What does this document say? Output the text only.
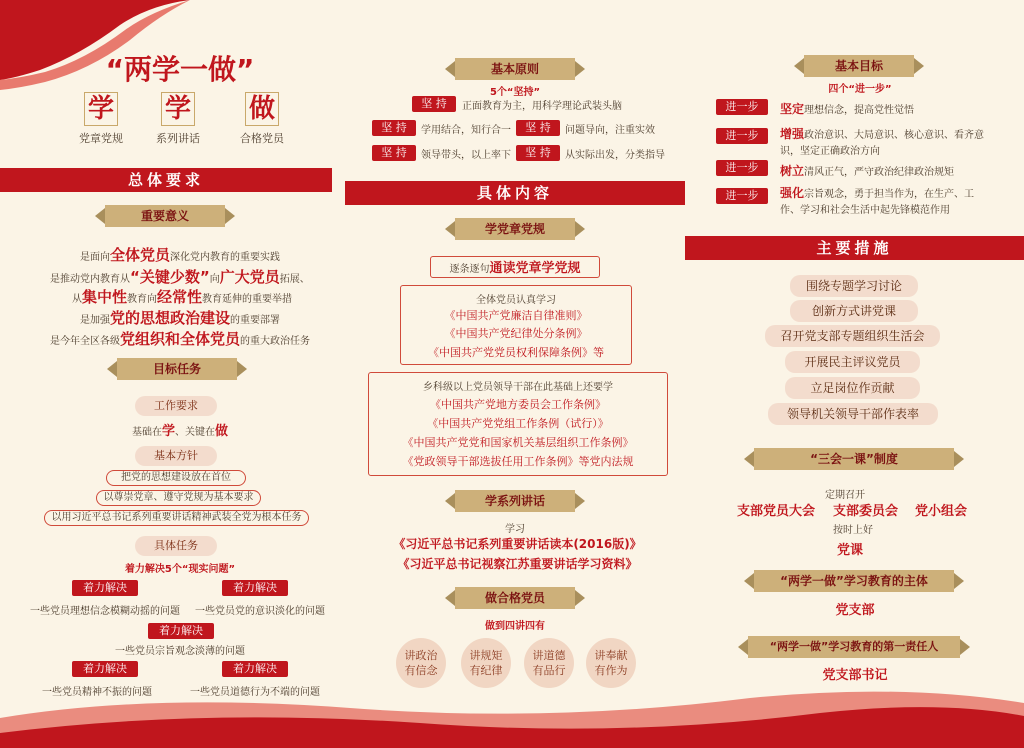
“两学一做”
学 学 做
党章党规	系列讲话	合格党员
总体要求
重要意义
是面向全体党员深化党内教育的重要实践
是推动党内教育从“关键少数”向广大党员拓展、
从集中性教育向经常性教育延伸的重要举措
是加强党的思想政治建设的重要部署
是今年全区各级党组织和全体党员的重大政治任务
目标任务
工作要求
基础在学、关键在做
基本方针
把党的思想建设放在首位
以尊崇党章、遵守党规为基本要求
以用习近平总书记系列重要讲话精神武装全党为根本任务
具体任务
着力解决5个“现实问题”
着力解决	着力解决
一些党员理想信念模糊动摇的问题	一些党员党的意识淡化的问题
着力解决
一些党员宗旨观念淡薄的问题
着力解决	着力解决
一些党员精神不振的问题	一些党员道德行为不端的问题
基本原则
5个“坚持”
坚 持	正面教育为主，用科学理论武装头脑
坚 持	学用结合，知行合一	坚 持	问题导向，注重实效
坚 持	领导带头，以上率下	坚 持	从实际出发，分类指导
具体内容
学党章党规
逐条逐句通读党章学党规
全体党员认真学习
《中国共产党廉洁自律准则》
《中国共产党纪律处分条例》
《中国共产党党员权利保障条例》等
乡科级以上党员领导干部在此基础上还要学
《中国共产党地方委员会工作条例》
《中国共产党党组工作条例（试行）》
《中国共产党党和国家机关基层组织工作条例》
《党政领导干部选拔任用工作条例》等党内法规
学系列讲话
学习
《习近平总书记系列重要讲话读本(2016版)》
《习近平总书记视察江苏重要讲话学习资料》
做合格党员
做到四讲四有
讲政治
有信念
讲规矩
有纪律
讲道德
有品行
讲奉献
有作为
基本目标
四个“进一步”
进一步	坚定理想信念，提高党性觉悟
进一步	增强政治意识、大局意识、核心意识、看齐意识，坚定正确政治方向
进一步	树立清风正气，严守政治纪律政治规矩
进一步	强化宗旨观念，勇于担当作为，在生产、工作、学习和社会生活中起先锋模范作用
主要措施
围绕专题学习讨论
创新方式讲党课
召开党支部专题组织生活会
开展民主评议党员
立足岗位作贡献
领导机关领导干部作表率
“三会一课”制度
定期召开
支部党员大会 支部委员会 党小组会
按时上好
党课
“两学一做”学习教育的主体
党支部
“两学一做”学习教育的第一责任人
党支部书记
